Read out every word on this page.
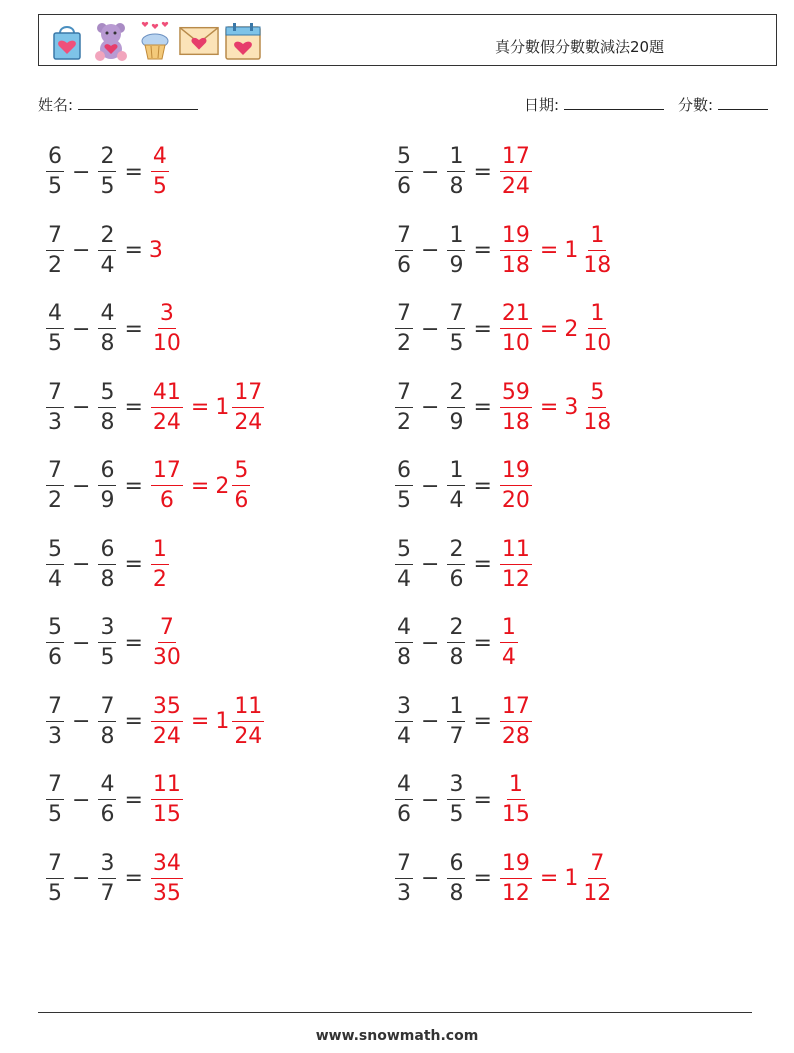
真分數假分數數減法20題
姓名:	日期:	分數:
$\frac{6}{5} - \frac{2}{5} = \frac{4}{5}$	$\frac{5}{6} - \frac{1}{8} = \frac{17}{24}$
$\frac{7}{2} - \frac{2}{4} = 3$	$\frac{7}{6} - \frac{1}{9} = \frac{19}{18} = 1 \frac{1}{18}$
$\frac{4}{5} - \frac{4}{8} = \frac{3}{10}$	$\frac{7}{2} - \frac{7}{5} = \frac{21}{10} = 2 \frac{1}{10}$
$\frac{7}{3} - \frac{5}{8} = \frac{41}{24} = 1 \frac{17}{24}$	$\frac{7}{2} - \frac{2}{9} = \frac{59}{18} = 3 \frac{5}{18}$
$\frac{7}{2} - \frac{6}{9} = \frac{17}{6} = 2 \frac{5}{6}$	$\frac{6}{5} - \frac{1}{4} = \frac{19}{20}$
$\frac{5}{4} - \frac{6}{8} = \frac{1}{2}$	$\frac{5}{4} - \frac{2}{6} = \frac{11}{12}$
$\frac{5}{6} - \frac{3}{5} = \frac{7}{30}$	$\frac{4}{8} - \frac{2}{8} = \frac{1}{4}$
$\frac{7}{3} - \frac{7}{8} = \frac{35}{24} = 1 \frac{11}{24}$	$\frac{3}{4} - \frac{1}{7} = \frac{17}{28}$
$\frac{7}{5} - \frac{4}{6} = \frac{11}{15}$	$\frac{4}{6} - \frac{3}{5} = \frac{1}{15}$
$\frac{7}{5} - \frac{3}{7} = \frac{34}{35}$	$\frac{7}{3} - \frac{6}{8} = \frac{19}{12} = 1 \frac{7}{12}$
www.snowmath.com
